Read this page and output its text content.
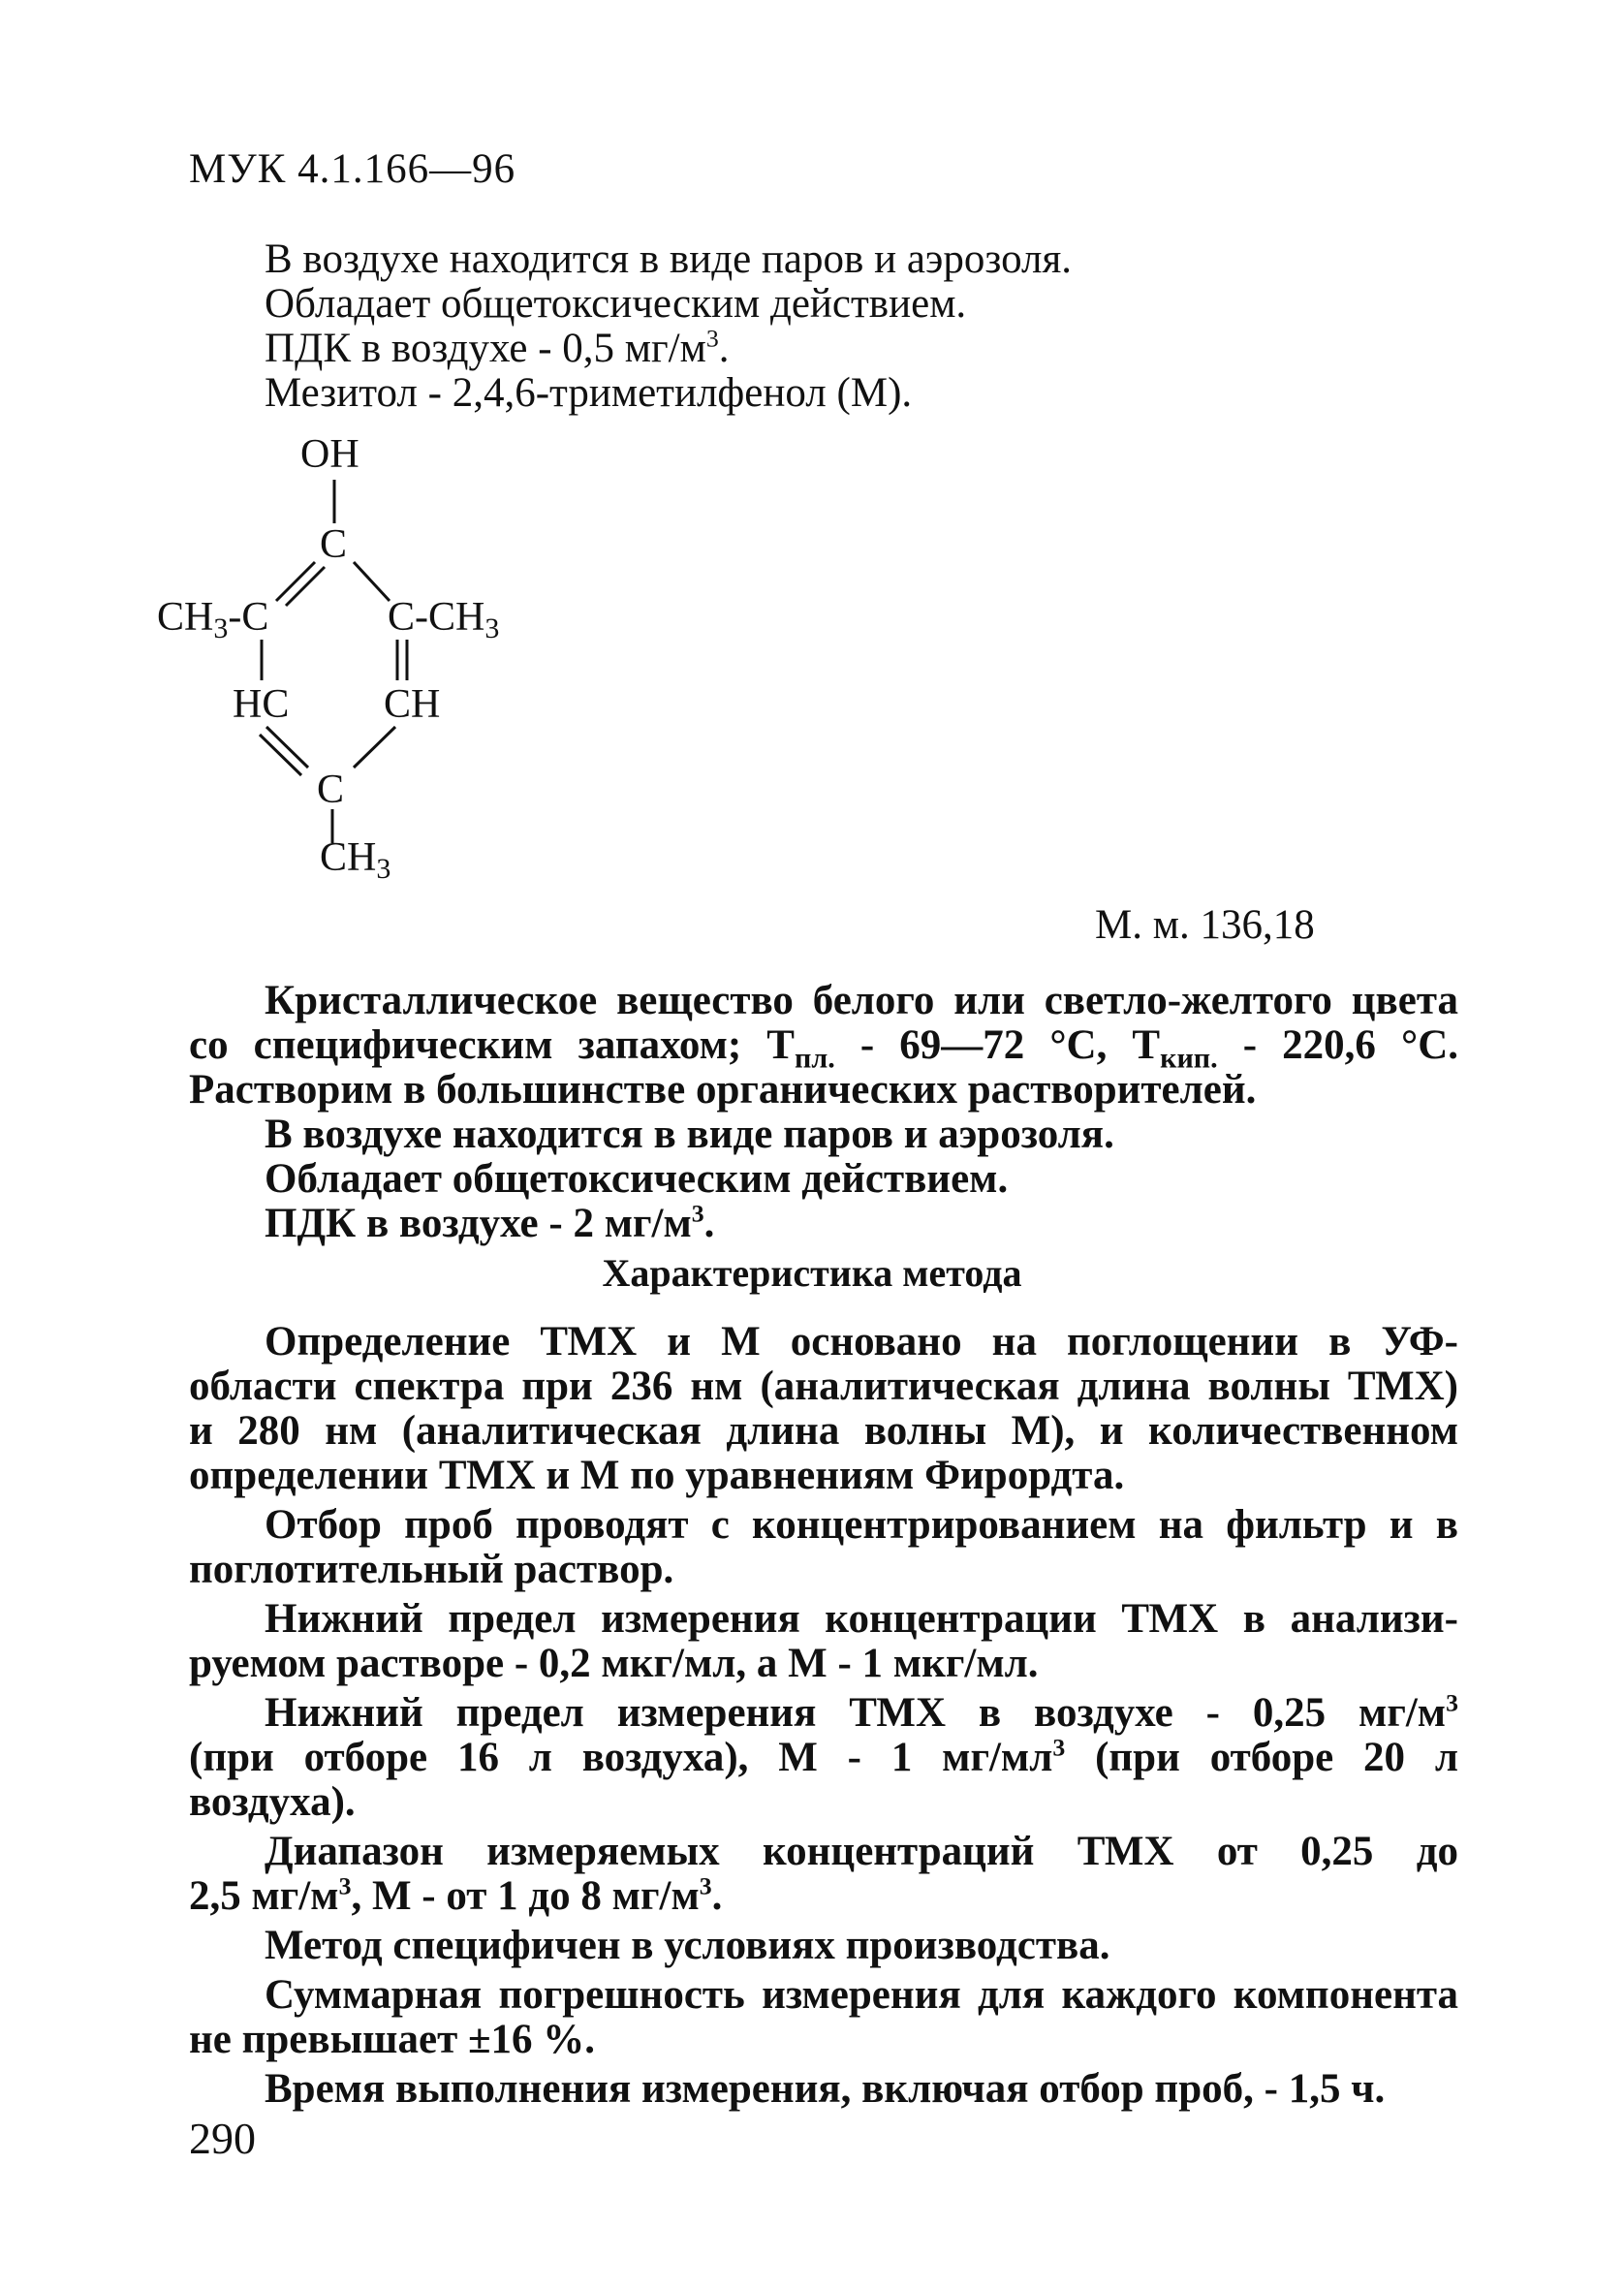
МУК 4.1.166—96
В воздухе находится в виде паров и аэрозоля.
Обладает общетоксическим действием.
ПДК в воздухе - 0,5 $мг/м^3$.
Мезитол - 2,4,6-триметилфенол (М).
OH
C
CH3-C	C-CH3
HC CH
C
CH3
М. м. 136,18
Кристаллическое вещество белого или светло-желтого цвета
со специфическим запахом; $Т_{пл.}$ - 69—72 °С, $Т_{кип.} - 220,6$ °С.
Растворим в большинстве органических растворителей.
В воздухе находится в виде паров и аэрозоля.
Обладает общетоксическим действием.
ПДК в воздухе - 2 $мг/м^3$.
Характеристика метода
Определение ТМХ и М основано на поглощении в УФ-
области спектра при 236 нм (аналитическая длина волны ТМХ)
и 280 нм (аналитическая длина волны М), и количественном
определении ТМХ и М по уравнениям Фирордта.
Отбор проб проводят с концентрированием на фильтр и в
поглотительный раствор.
Нижний предел измерения концентрации ТМХ в анализи-
руемом растворе - 0,2 мкг/мл, а М - 1 мкг/мл.
Нижний предел измерения ТМХ в воздухе - 0,25 $мг/м^3$
(при отборе 16 л воздуха), М - 1 $мг/мл^3$ (при отборе 20 л
воздуха).
Диапазон измеряемых концентраций ТМХ от 0,25 до
2,5 $мг/м^3$, М - от 1 до 8 $мг/м^3$.
Метод специфичен в условиях производства.
Суммарная погрешность измерения для каждого компонента
не превышает ±16 %.
Время выполнения измерения, включая отбор проб, - 1,5 ч.
290
